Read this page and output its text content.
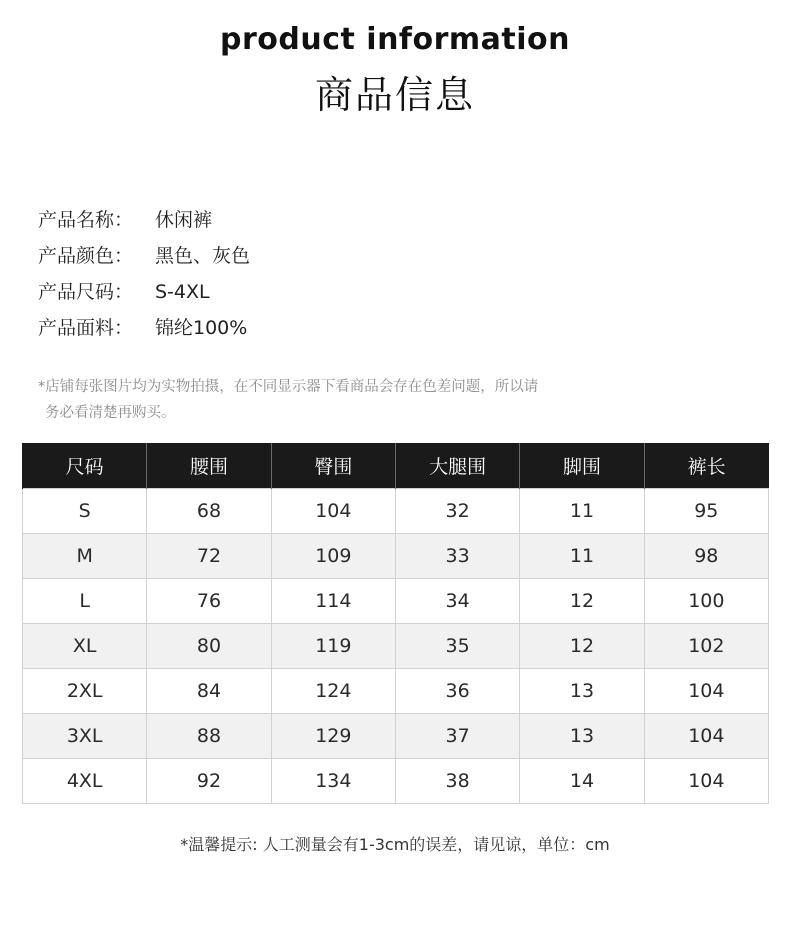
product information
商品信息
产品名称： 休闲裤
产品颜色： 黑色、灰色
产品尺码： S-4XL
产品面料： 锦纶100%
*店铺每张图片均为实物拍摄，在不同显示器下看商品会存在色差问题，所以请
务必看清楚再购买。
尺码	腰围	臀围	大腿围	脚围	裤长
S	68	104	32	11	95
M	72	109	33	11	98
L	76	114	34	12	100
XL	80	119	35	12	102
2XL	84	124	36	13	104
3XL	88	129	37	13	104
4XL	92	134	38	14	104
*温馨提示: 人工测量会有1-3cm的误差，请见谅，单位：cm
